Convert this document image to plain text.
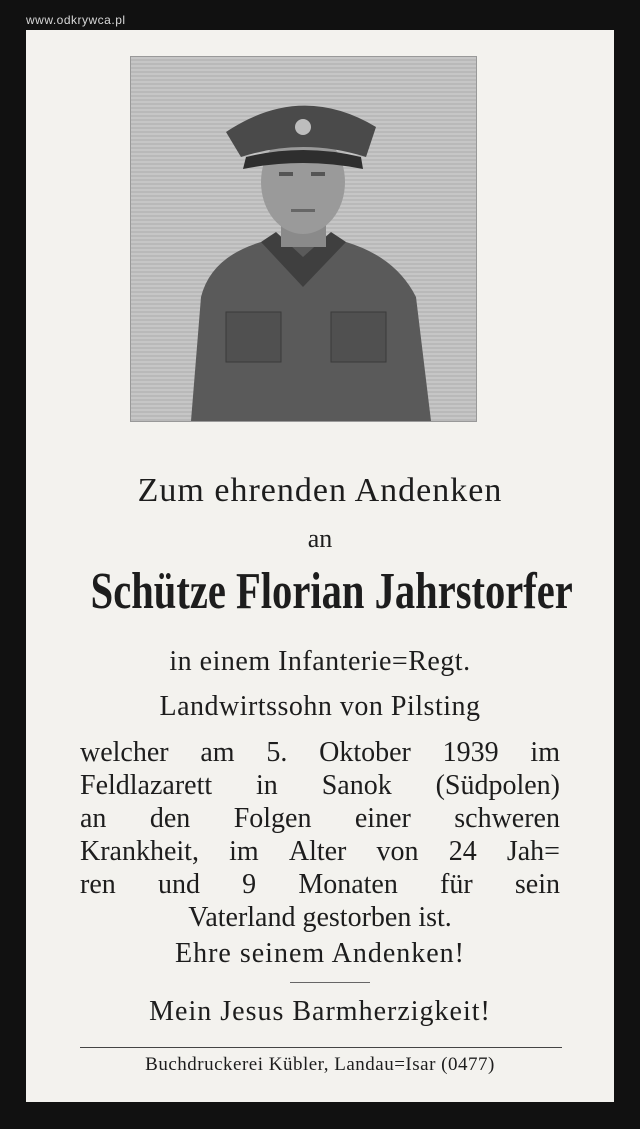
www.odkrywca.pl
Zum ehrenden Andenken
an
Schütze Florian Jahrstorfer
in einem Infanterie=Regt.
Landwirtssohn von Pilsting
welcher am 5. Oktober 1939 im
Feldlazarett in Sanok (Südpolen)
an den Folgen einer schweren
Krankheit, im Alter von 24 Jah=
ren und 9 Monaten für sein
Vaterland gestorben ist.
Ehre seinem Andenken!
Mein Jesus Barmherzigkeit!
Buchdruckerei Kübler, Landau=Isar (0477)
